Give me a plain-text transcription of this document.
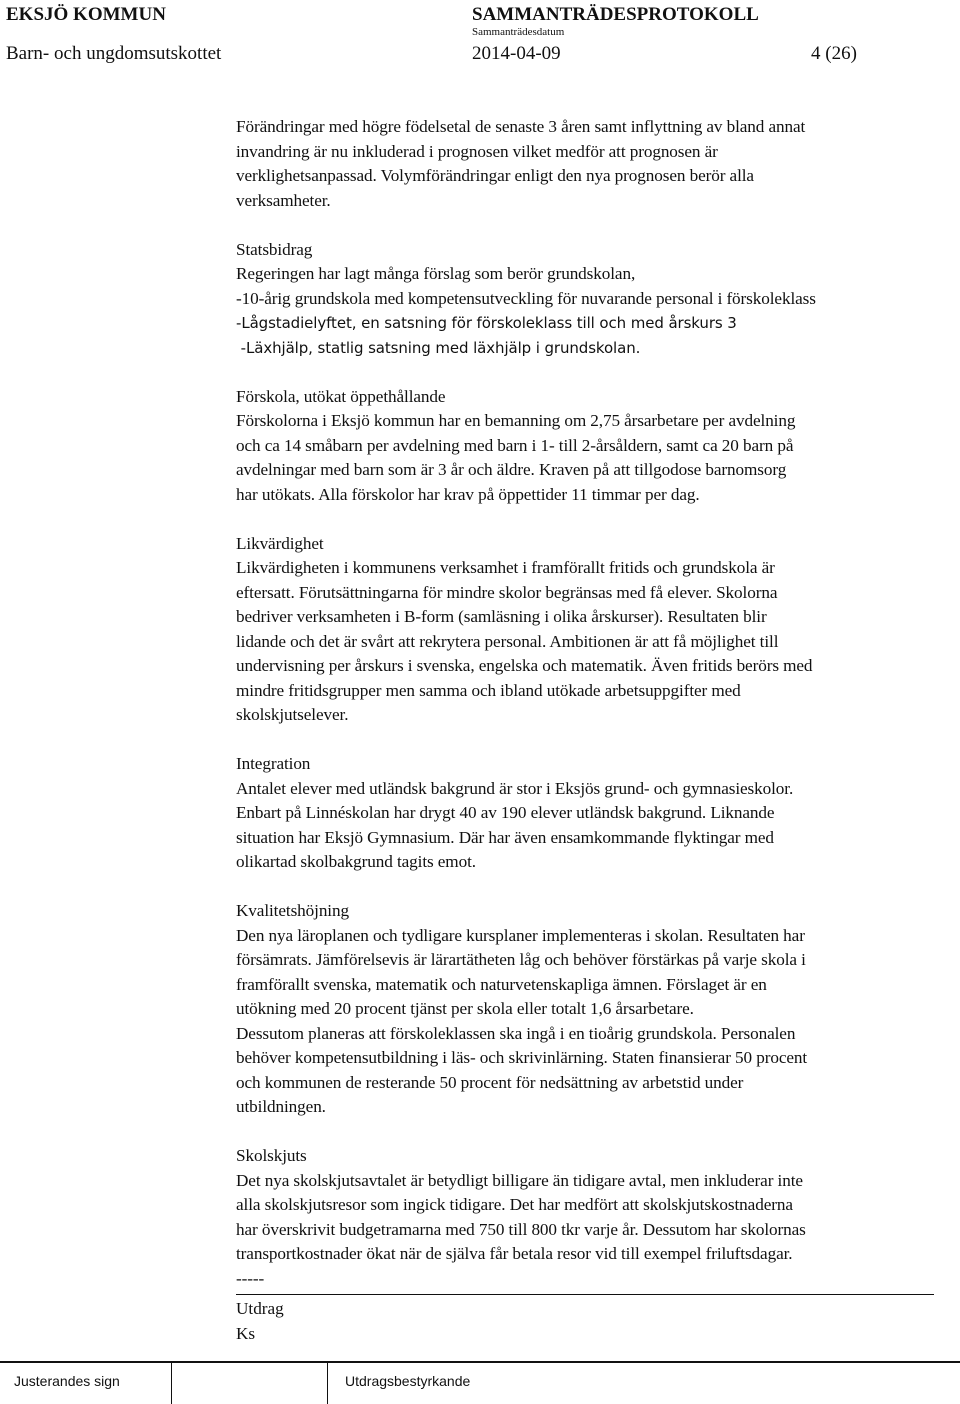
EKSJÖ KOMMUN	SAMMANTRÄDESPROTOKOLL
Sammanträdesdatum
Barn- och ungdomsutskottet	2014-04-09	4 (26)
Förändringar med högre födelsetal de senaste 3 åren samt inflyttning av bland annat
invandring är nu inkluderad i prognosen vilket medför att prognosen är
verklighetsanpassad. Volymförändringar enligt den nya prognosen berör alla
verksamheter.
Statsbidrag
Regeringen har lagt många förslag som berör grundskolan,
-10-årig grundskola med kompetensutveckling för nuvarande personal i förskoleklass
-Lågstadielyftet, en satsning för förskoleklass till och med årskurs 3
-Läxhjälp, statlig satsning med läxhjälp i grundskolan.
Förskola, utökat öppethållande
Förskolorna i Eksjö kommun har en bemanning om 2,75 årsarbetare per avdelning
och ca 14 småbarn per avdelning med barn i 1- till 2-årsåldern, samt ca 20 barn på
avdelningar med barn som är 3 år och äldre. Kraven på att tillgodose barnomsorg
har utökats. Alla förskolor har krav på öppettider 11 timmar per dag.
Likvärdighet
Likvärdigheten i kommunens verksamhet i framförallt fritids och grundskola är
eftersatt. Förutsättningarna för mindre skolor begränsas med få elever. Skolorna
bedriver verksamheten i B-form (samläsning i olika årskurser). Resultaten blir
lidande och det är svårt att rekrytera personal. Ambitionen är att få möjlighet till
undervisning per årskurs i svenska, engelska och matematik. Även fritids berörs med
mindre fritidsgrupper men samma och ibland utökade arbetsuppgifter med
skolskjutselever.
Integration
Antalet elever med utländsk bakgrund är stor i Eksjös grund- och gymnasieskolor.
Enbart på Linnéskolan har drygt 40 av 190 elever utländsk bakgrund. Liknande
situation har Eksjö Gymnasium. Där har även ensamkommande flyktingar med
olikartad skolbakgrund tagits emot.
Kvalitetshöjning
Den nya läroplanen och tydligare kursplaner implementeras i skolan. Resultaten har
försämrats. Jämförelsevis är lärartätheten låg och behöver förstärkas på varje skola i
framförallt svenska, matematik och naturvetenskapliga ämnen. Förslaget är en
utökning med 20 procent tjänst per skola eller totalt 1,6 årsarbetare.
Dessutom planeras att förskoleklassen ska ingå i en tioårig grundskola. Personalen
behöver kompetensutbildning i läs- och skrivinlärning. Staten finansierar 50 procent
och kommunen de resterande 50 procent för nedsättning av arbetstid under
utbildningen.
Skolskjuts
Det nya skolskjutsavtalet är betydligt billigare än tidigare avtal, men inkluderar inte
alla skolskjutsresor som ingick tidigare. Det har medfört att skolskjutskostnaderna
har överskrivit budgetramarna med 750 till 800 tkr varje år. Dessutom har skolornas
transportkostnader ökat när de själva får betala resor vid till exempel friluftsdagar.
-----
Utdrag
Ks
Justerandes sign	Utdragsbestyrkande
